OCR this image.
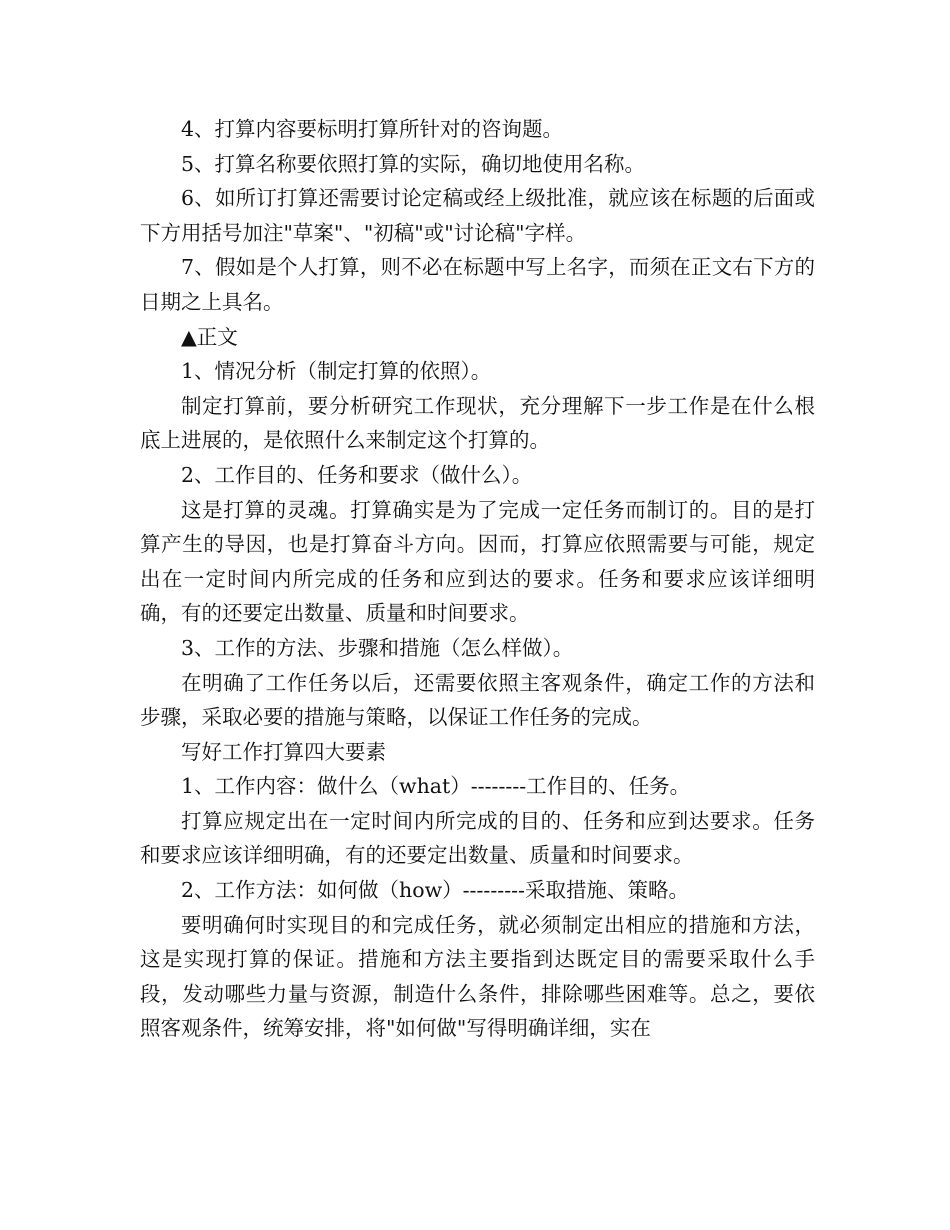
4、打算内容要标明打算所针对的咨询题。

5、打算名称要依照打算的实际，确切地使用名称。

6、如所订打算还需要讨论定稿或经上级批准，就应该在标题的后面或下方用括号加注"草案"、"初稿"或"讨论稿"字样。

7、假如是个人打算，则不必在标题中写上名字，而须在正文右下方的日期之上具名。

▲正文

1、情况分析（制定打算的依照）。

制定打算前，要分析研究工作现状，充分理解下一步工作是在什么根底上进展的，是依照什么来制定这个打算的。

2、工作目的、任务和要求（做什么）。

这是打算的灵魂。打算确实是为了完成一定任务而制订的。目的是打算产生的导因，也是打算奋斗方向。因而，打算应依照需要与可能，规定出在一定时间内所完成的任务和应到达的要求。任务和要求应该详细明确，有的还要定出数量、质量和时间要求。

3、工作的方法、步骤和措施（怎么样做）。

在明确了工作任务以后，还需要依照主客观条件，确定工作的方法和步骤，采取必要的措施与策略，以保证工作任务的完成。

写好工作打算四大要素

1、工作内容：做什么（what）--------工作目的、任务。

打算应规定出在一定时间内所完成的目的、任务和应到达要求。任务和要求应该详细明确，有的还要定出数量、质量和时间要求。

2、工作方法：如何做（how）---------采取措施、策略。

要明确何时实现目的和完成任务，就必须制定出相应的措施和方法，这是实现打算的保证。措施和方法主要指到达既定目的需要采取什么手段，发动哪些力量与资源，制造什么条件，排除哪些困难等。总之，要依照客观条件，统筹安排，将"如何做"写得明确详细，实在
